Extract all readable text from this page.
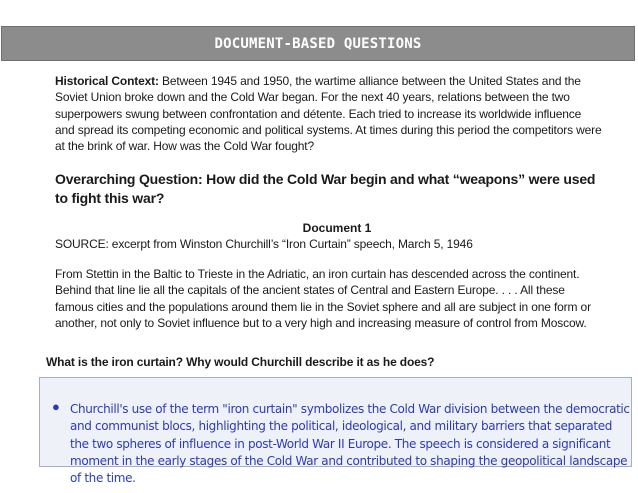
DOCUMENT-BASED QUESTIONS

Historical Context: Between 1945 and 1950, the wartime alliance between the United States and the Soviet Union broke down and the Cold War began. For the next 40 years, relations between the two superpowers swung between confrontation and détente. Each tried to increase its worldwide influence and spread its competing economic and political systems. At times during this period the competitors were at the brink of war. How was the Cold War fought?

Overarching Question: How did the Cold War begin and what “weapons” were used to fight this war?

Document 1

SOURCE: excerpt from Winston Churchill’s “Iron Curtain” speech, March 5, 1946

From Stettin in the Baltic to Trieste in the Adriatic, an iron curtain has descended across the continent. Behind that line lie all the capitals of the ancient states of Central and Eastern Europe. . . . All these famous cities and the populations around them lie in the Soviet sphere and all are subject in one form or another, not only to Soviet influence but to a very high and increasing measure of control from Moscow.

What is the iron curtain? Why would Churchill describe it as he does?

● Churchill's use of the term "iron curtain" symbolizes the Cold War division between the democratic and communist blocs, highlighting the political, ideological, and military barriers that separated the two spheres of influence in post-World War II Europe. The speech is considered a significant moment in the early stages of the Cold War and contributed to shaping the geopolitical landscape of the time.
